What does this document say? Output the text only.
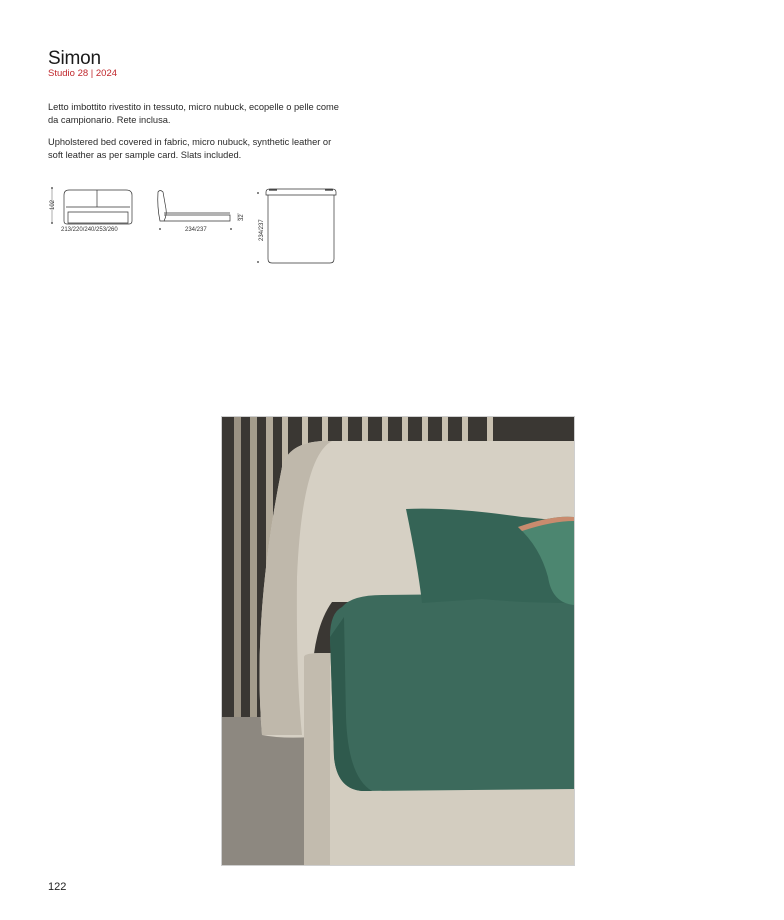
Simon
Studio 28 | 2024
Letto imbottito rivestito in tessuto, micro nubuck, ecopelle o pelle come da campionario. Rete inclusa.
Upholstered bed covered in fabric, micro nubuck, synthetic leather or soft leather as per sample card. Slats included.
102
213/220/240/253/260
32
234/237	234/237
122
